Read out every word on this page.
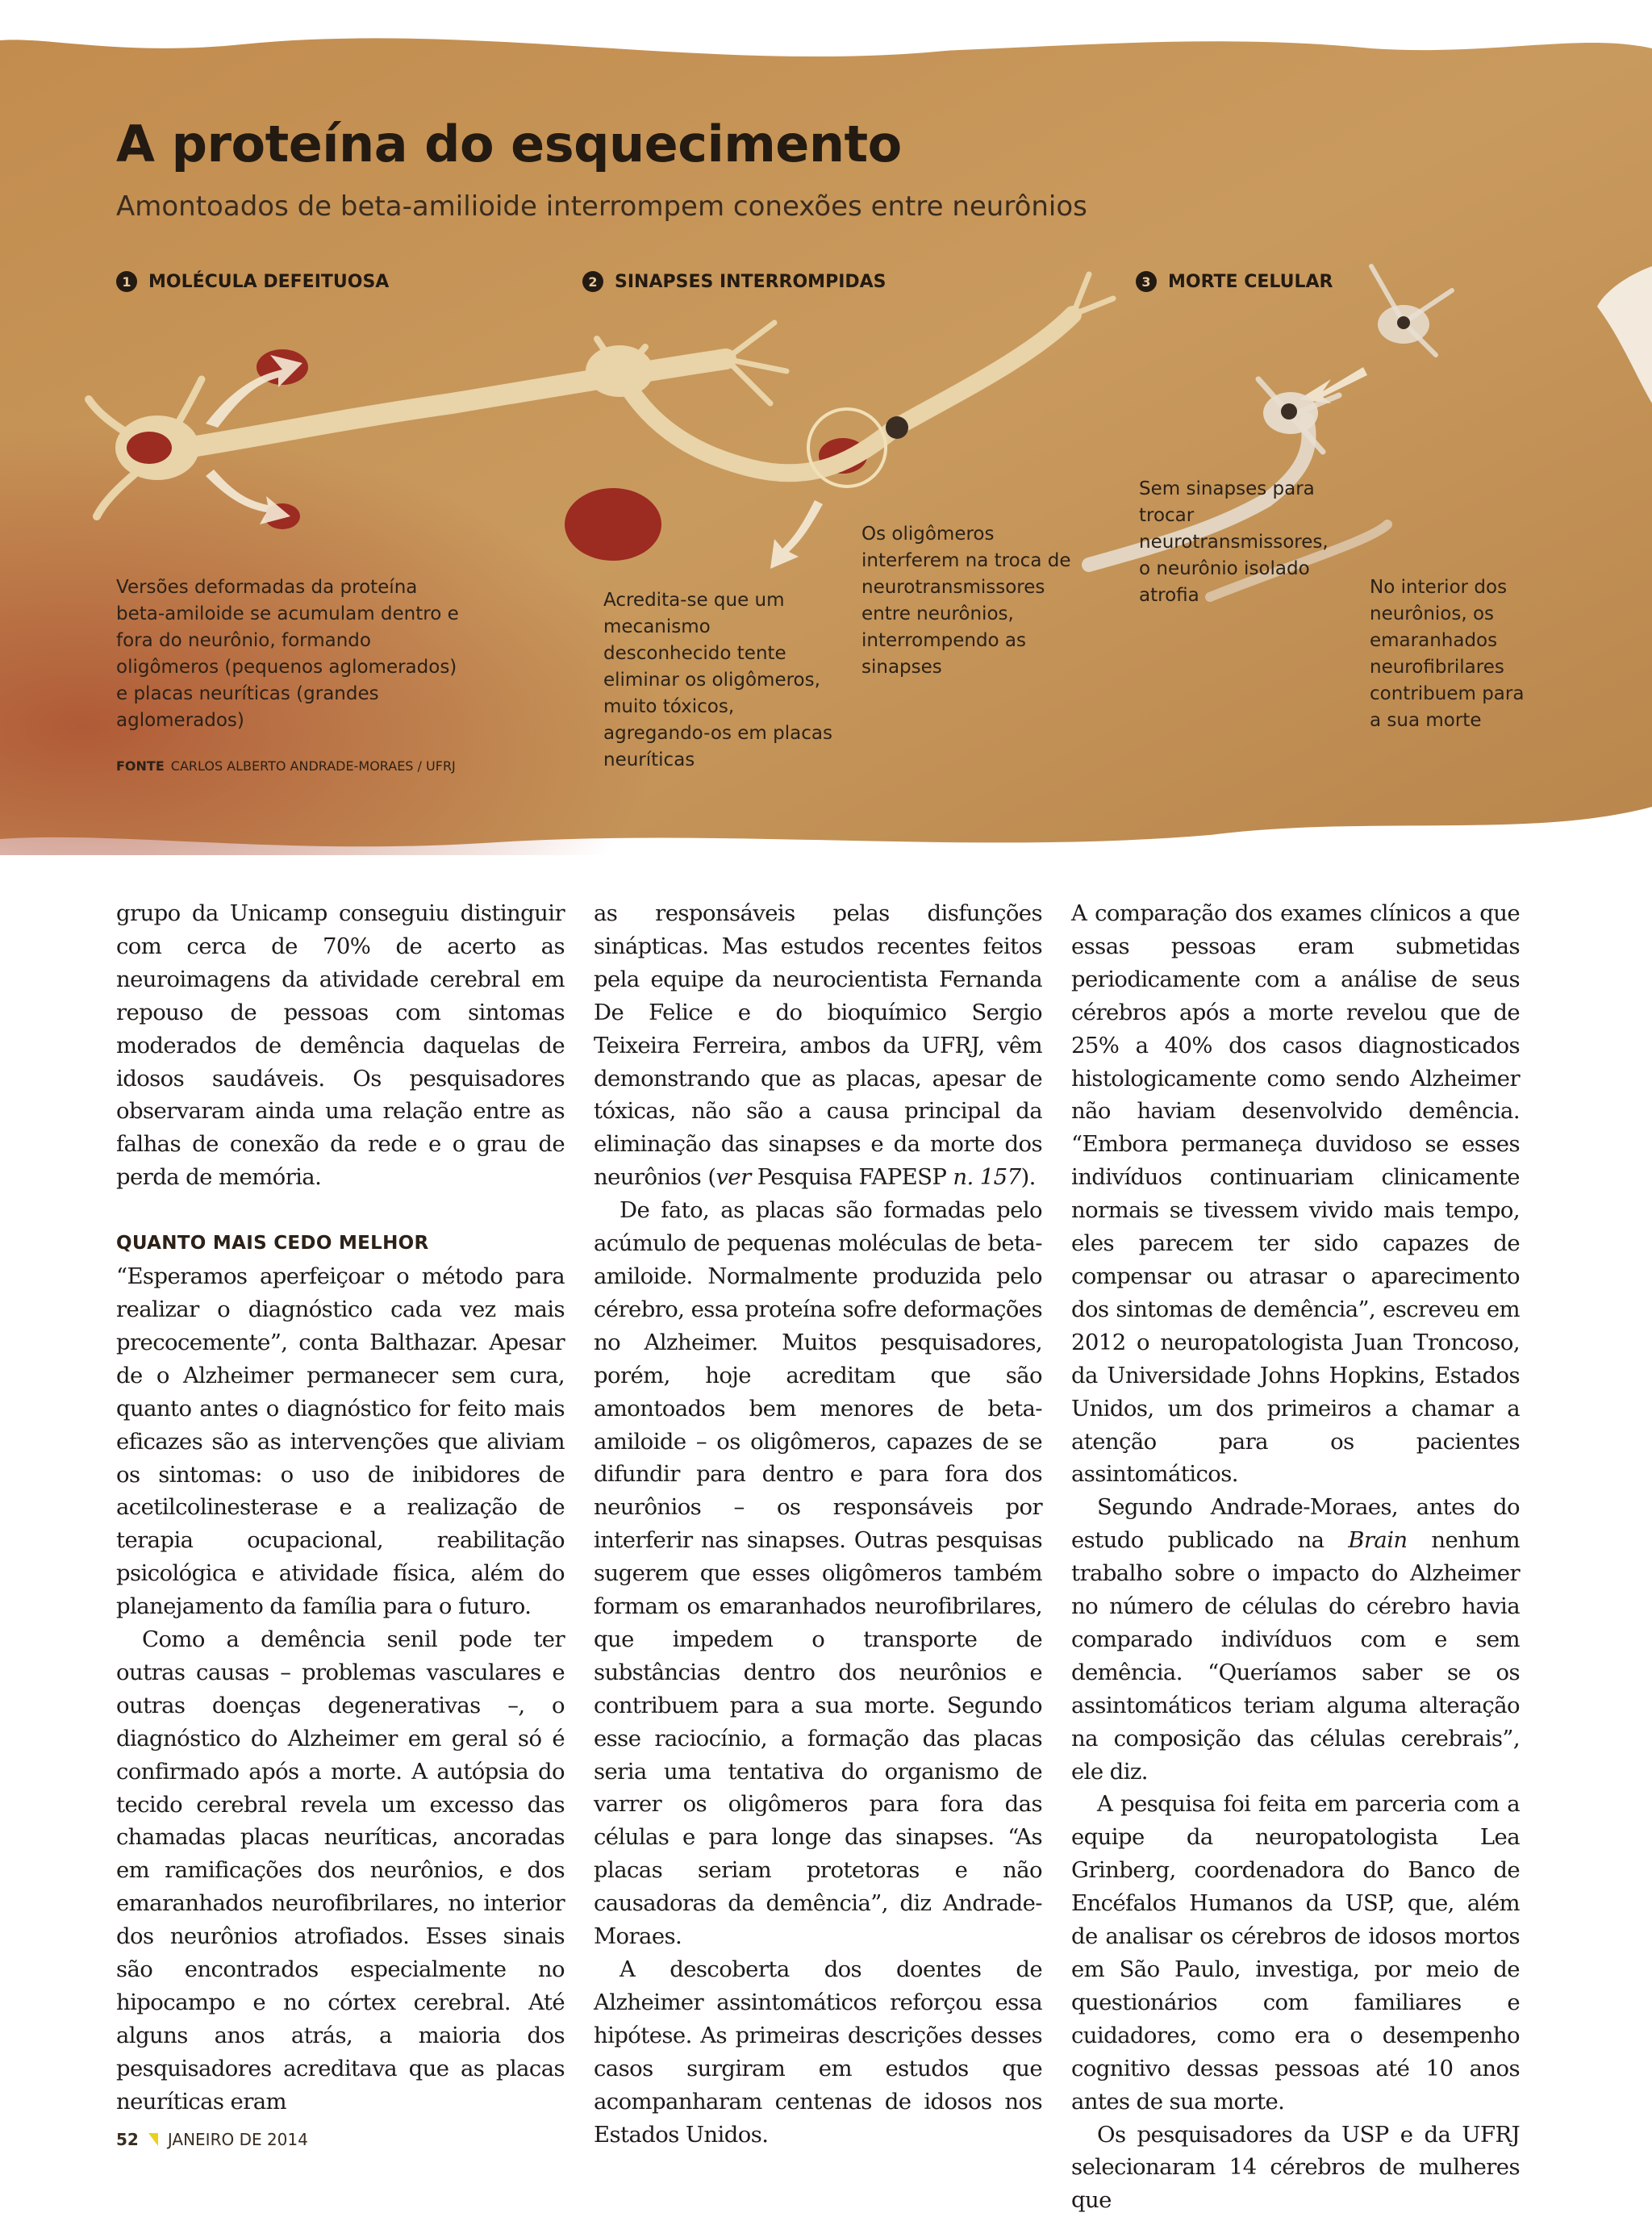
A proteína do esquecimento

Amontoados de beta-amilioide interrompem conexões entre neurônios

1 MOLÉCULA DEFEITUOSA	2 SINAPSES INTERROMPIDAS	3 MORTE CELULAR

Versões deformadas da proteína beta-amiloide se acumulam dentro e fora do neurônio, formando oligômeros (pequenos aglomerados) e placas neuríticas (grandes aglomerados)

Acredita-se que um mecanismo desconhecido tente eliminar os oligômeros, muito tóxicos, agregando-os em placas neuríticas

Os oligômeros interferem na troca de neurotransmissores entre neurônios, interrompendo as sinapses

Sem sinapses para trocar neurotransmissores, o neurônio isolado atrofia	No interior dos neurônios, os emaranhados neurofibrilares contribuem para a sua morte

FONTE CARLOS ALBERTO ANDRADE-MORAES / UFRJ

grupo da Unicamp conseguiu distinguir com cerca de 70% de acerto as neuroimagens da atividade cerebral em repouso de pessoas com sintomas moderados de demência daquelas de idosos saudáveis. Os pesquisadores observaram ainda uma relação entre as falhas de conexão da rede e o grau de perda de memória.

QUANTO MAIS CEDO MELHOR

“Esperamos aperfeiçoar o método para realizar o diagnóstico cada vez mais precocemente”, conta Balthazar. Apesar de o Alzheimer permanecer sem cura, quanto antes o diagnóstico for feito mais eficazes são as intervenções que aliviam os sintomas: o uso de inibidores de acetilcolinesterase e a realização de terapia ocupacional, reabilitação psicológica e atividade física, além do planejamento da família para o futuro.

Como a demência senil pode ter outras causas – problemas vasculares e outras doenças degenerativas –, o diagnóstico do Alzheimer em geral só é confirmado após a morte. A autópsia do tecido cerebral revela um excesso das chamadas placas neuríticas, ancoradas em ramificações dos neurônios, e dos emaranhados neurofibrilares, no interior dos neurônios atrofiados. Esses sinais são encontrados especialmente no hipocampo e no córtex cerebral. Até alguns anos atrás, a maioria dos pesquisadores acreditava que as placas neuríticas eram

as responsáveis pelas disfunções sinápticas. Mas estudos recentes feitos pela equipe da neurocientista Fernanda De Felice e do bioquímico Sergio Teixeira Ferreira, ambos da UFRJ, vêm demonstrando que as placas, apesar de tóxicas, não são a causa principal da eliminação das sinapses e da morte dos neurônios (ver Pesquisa FAPESP n. 157).

De fato, as placas são formadas pelo acúmulo de pequenas moléculas de beta-amiloide. Normalmente produzida pelo cérebro, essa proteína sofre deformações no Alzheimer. Muitos pesquisadores, porém, hoje acreditam que são amontoados bem menores de beta-amiloide – os oligômeros, capazes de se difundir para dentro e para fora dos neurônios – os responsáveis por interferir nas sinapses. Outras pesquisas sugerem que esses oligômeros também formam os emaranhados neurofibrilares, que impedem o transporte de substâncias dentro dos neurônios e contribuem para a sua morte. Segundo esse raciocínio, a formação das placas seria uma tentativa do organismo de varrer os oligômeros para fora das células e para longe das sinapses. “As placas seriam protetoras e não causadoras da demência”, diz Andrade-Moraes.

A descoberta dos doentes de Alzheimer assintomáticos reforçou essa hipótese. As primeiras descrições desses casos surgiram em estudos que acompanharam centenas de idosos nos Estados Unidos.

A comparação dos exames clínicos a que essas pessoas eram submetidas periodicamente com a análise de seus cérebros após a morte revelou que de 25% a 40% dos casos diagnosticados histologicamente como sendo Alzheimer não haviam desenvolvido demência. “Embora permaneça duvidoso se esses indivíduos continuariam clinicamente normais se tivessem vivido mais tempo, eles parecem ter sido capazes de compensar ou atrasar o aparecimento dos sintomas de demência”, escreveu em 2012 o neuropatologista Juan Troncoso, da Universidade Johns Hopkins, Estados Unidos, um dos primeiros a chamar a atenção para os pacientes assintomáticos.

Segundo Andrade-Moraes, antes do estudo publicado na Brain nenhum trabalho sobre o impacto do Alzheimer no número de células do cérebro havia comparado indivíduos com e sem demência. “Queríamos saber se os assintomáticos teriam alguma alteração na composição das células cerebrais”, ele diz.

A pesquisa foi feita em parceria com a equipe da neuropatologista Lea Grinberg, coordenadora do Banco de Encéfalos Humanos da USP, que, além de analisar os cérebros de idosos mortos em São Paulo, investiga, por meio de questionários com familiares e cuidadores, como era o desempenho cognitivo dessas pessoas até 10 anos antes de sua morte.

Os pesquisadores da USP e da UFRJ selecionaram 14 cérebros de mulheres que

52 JANEIRO DE 2014
